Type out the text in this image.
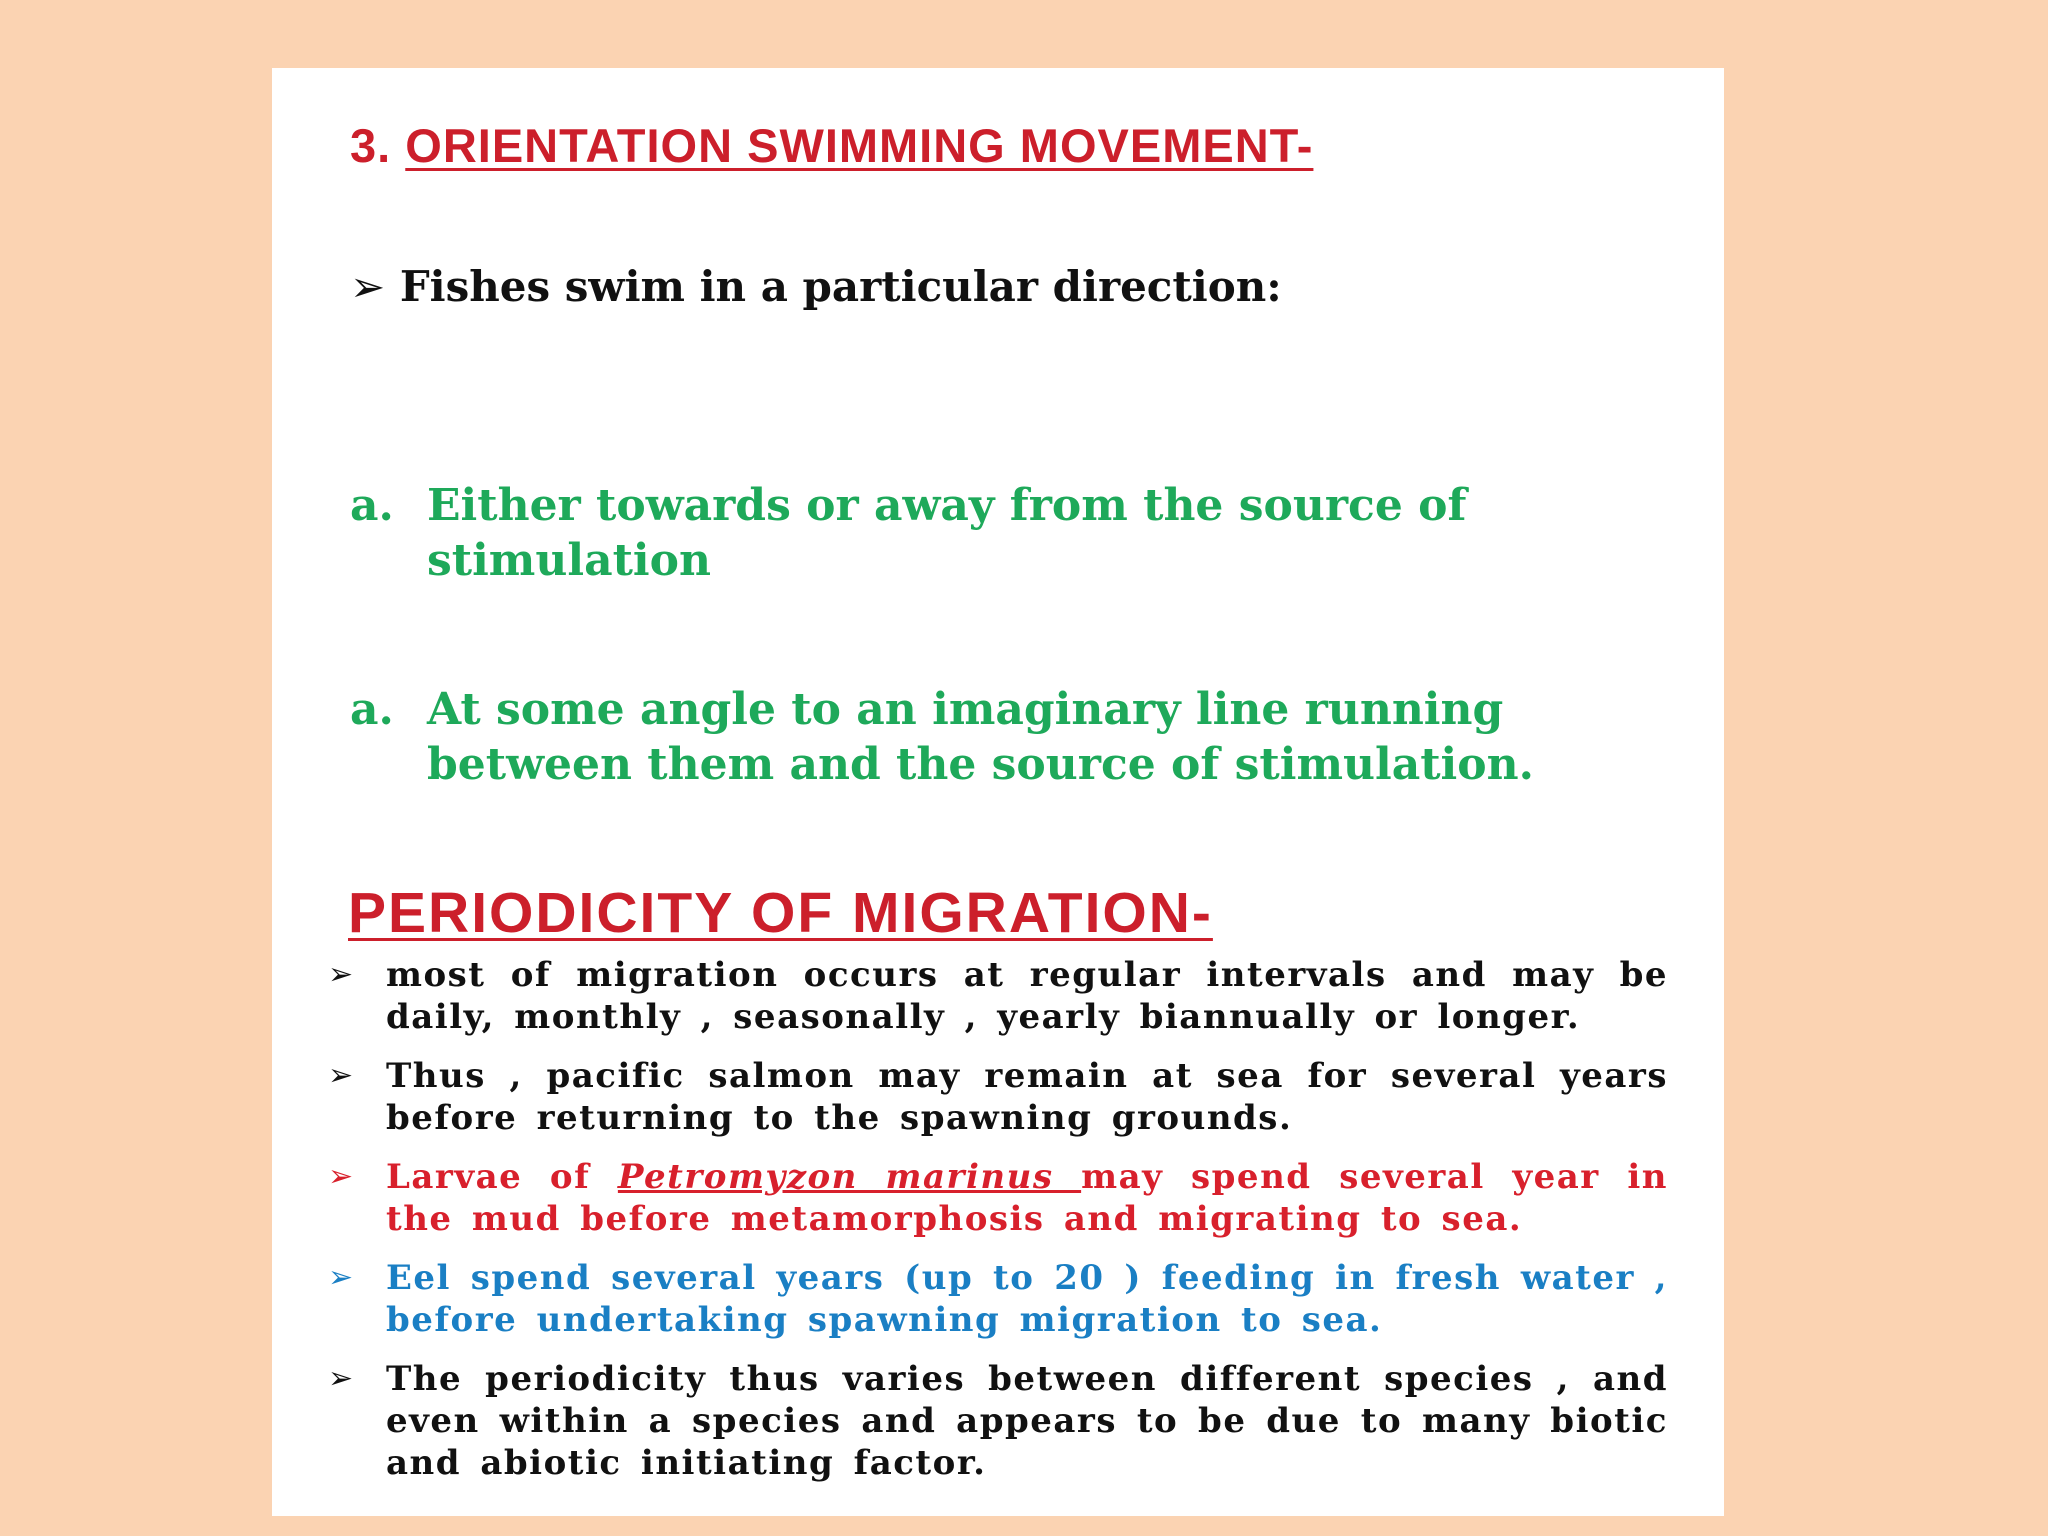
3. ORIENTATION SWIMMING MOVEMENT-
➢ Fishes swim in a particular direction:
a. Either towards or away from the source of stimulation
a. At some angle to an imaginary line running between them and the source of stimulation.
PERIODICITY OF MIGRATION-
➢ most of migration occurs at regular intervals and may be daily, monthly , seasonally , yearly biannually or longer.
➢ Thus , pacific salmon may remain at sea for several years before returning to the spawning grounds.
➢ Larvae of Petromyzon marinus may spend several year in the mud before metamorphosis and migrating to sea.
➢ Eel spend several years (up to 20 ) feeding in fresh water , before undertaking spawning migration to sea.
➢ The periodicity thus varies between different species , and even within a species and appears to be due to many biotic and abiotic initiating factor.
